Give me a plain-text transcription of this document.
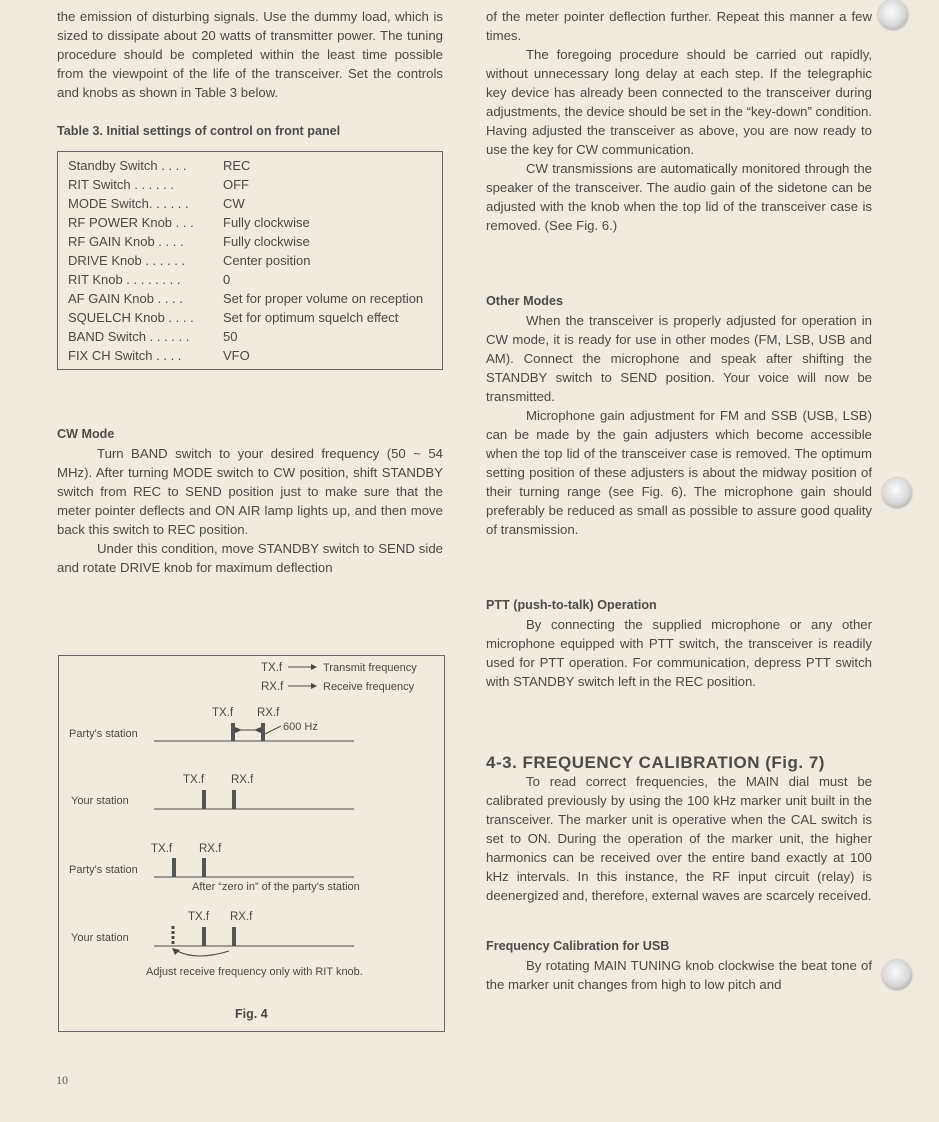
the emission of disturbing signals. Use the dummy load, which is sized to dissipate about 20 watts of transmitter power. The tuning procedure should be completed within the least time possible from the viewpoint of the life of the transceiver. Set the controls and knobs as shown in Table 3 below.

Table 3. Initial settings of control on front panel

Standby Switch . . . .	REC
RIT Switch . . . . . .	OFF
MODE Switch. . . . . .	CW
RF POWER Knob . . .	Fully clockwise
RF GAIN Knob . . . .	Fully clockwise
DRIVE Knob . . . . . .	Center position
RIT Knob . . . . . . . .	0
AF GAIN Knob . . . .	Set for proper volume on reception
SQUELCH Knob . . . .	Set for optimum squelch effect
BAND Switch . . . . . .	50
FIX CH Switch . . . .	VFO

CW Mode

Turn BAND switch to your desired frequency (50 ~ 54 MHz). After turning MODE switch to CW position, shift STANDBY switch from REC to SEND position just to make sure that the meter pointer deflects and ON AIR lamp lights up, and then move back this switch to REC position.

Under this condition, move STANDBY switch to SEND side and rotate DRIVE knob for maximum deflection

TX.f	Transmit frequency
RX.f	Receive frequency
TX.f RX.f
Party's station
600 Hz
TX.f RX.f
Your station
TX.f RX.f
Party's station
After “zero in” of the party's station
TX.f RX.f
Your station
Adjust receive frequency only with RIT knob.
Fig. 4

of the meter pointer deflection further. Repeat this manner a few times.

The foregoing procedure should be carried out rapidly, without unnecessary long delay at each step. If the telegraphic key device has already been connected to the transceiver during adjustments, the device should be set in the “key-down” condition. Having adjusted the transceiver as above, you are now ready to use the key for CW communication.

CW transmissions are automatically monitored through the speaker of the transceiver. The audio gain of the sidetone can be adjusted with the knob when the top lid of the transceiver case is removed. (See Fig. 6.)

Other Modes

When the transceiver is properly adjusted for operation in CW mode, it is ready for use in other modes (FM, LSB, USB and AM). Connect the microphone and speak after shifting the STANDBY switch to SEND position. Your voice will now be transmitted.

Microphone gain adjustment for FM and SSB (USB, LSB) can be made by the gain adjusters which become accessible when the top lid of the transceiver case is removed. The optimum setting position of these adjusters is about the midway position of their turning range (see Fig. 6). The microphone gain should preferably be reduced as small as possible to assure good quality of transmission.

PTT (push-to-talk) Operation

By connecting the supplied microphone or any other microphone equipped with PTT switch, the transceiver is readily used for PTT operation. For communication, depress PTT switch with STANDBY switch left in the REC position.

4-3. FREQUENCY CALIBRATION (Fig. 7)

To read correct frequencies, the MAIN dial must be calibrated previously by using the 100 kHz marker unit built in the transceiver. The marker unit is operative when the CAL switch is set to ON. During the operation of the marker unit, the higher harmonics can be received over the entire band exactly at 100 kHz intervals. In this instance, the RF input circuit (relay) is deenergized and, therefore, external waves are scarcely received.

Frequency Calibration for USB

By rotating MAIN TUNING knob clockwise the beat tone of the marker unit changes from high to low pitch and

10
